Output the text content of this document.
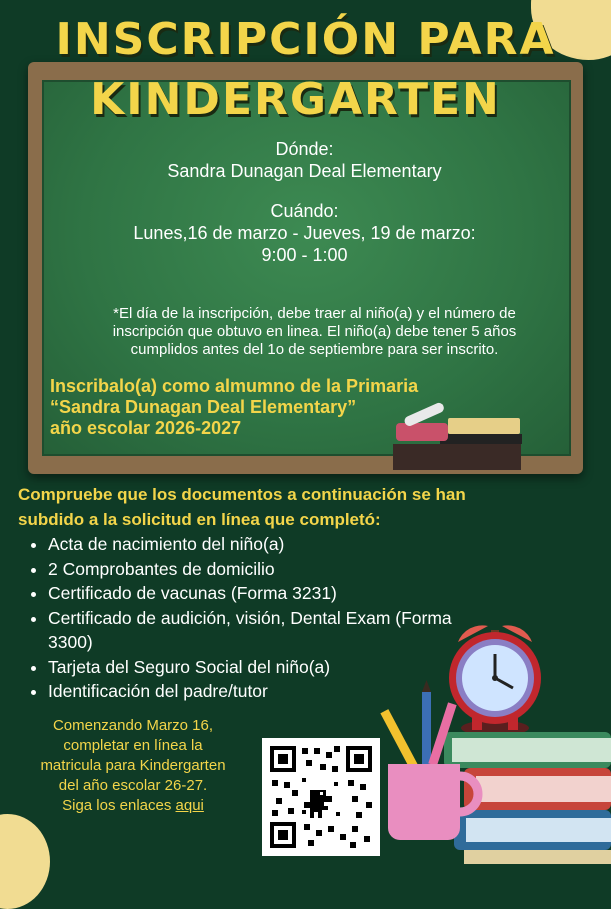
INSCRIPCIÓN PARA
KINDERGARTEN
Dónde:
Sandra Dunagan Deal Elementary
Cuándo:
Lunes,16 de marzo - Jueves, 19 de marzo:
9:00 - 1:00
*El día de la inscripción, debe traer al niño(a) y el número de
inscripción que obtuvo en linea. El niño(a) debe tener 5 años
cumplidos antes del 1o de septiembre para ser inscrito.
Inscribalo(a) como almumno de la Primaria
“Sandra Dunagan Deal Elementary”
año escolar 2026-2027
Compruebe que los documentos a continuación se han
subdido a la solicitud en línea que completó:
• Acta de nacimiento del niño(a)
• 2 Comprobantes de domicilio
• Certificado de vacunas (Forma 3231)
• Certificado de audición, visión, Dental Exam (Forma 3300)
• Tarjeta del Seguro Social del niño(a)
• Identificación del padre/tutor
Comenzando Marzo 16,
completar en línea la
matricula para Kindergarten
del año escolar 26-27.
Siga los enlaces aqui
